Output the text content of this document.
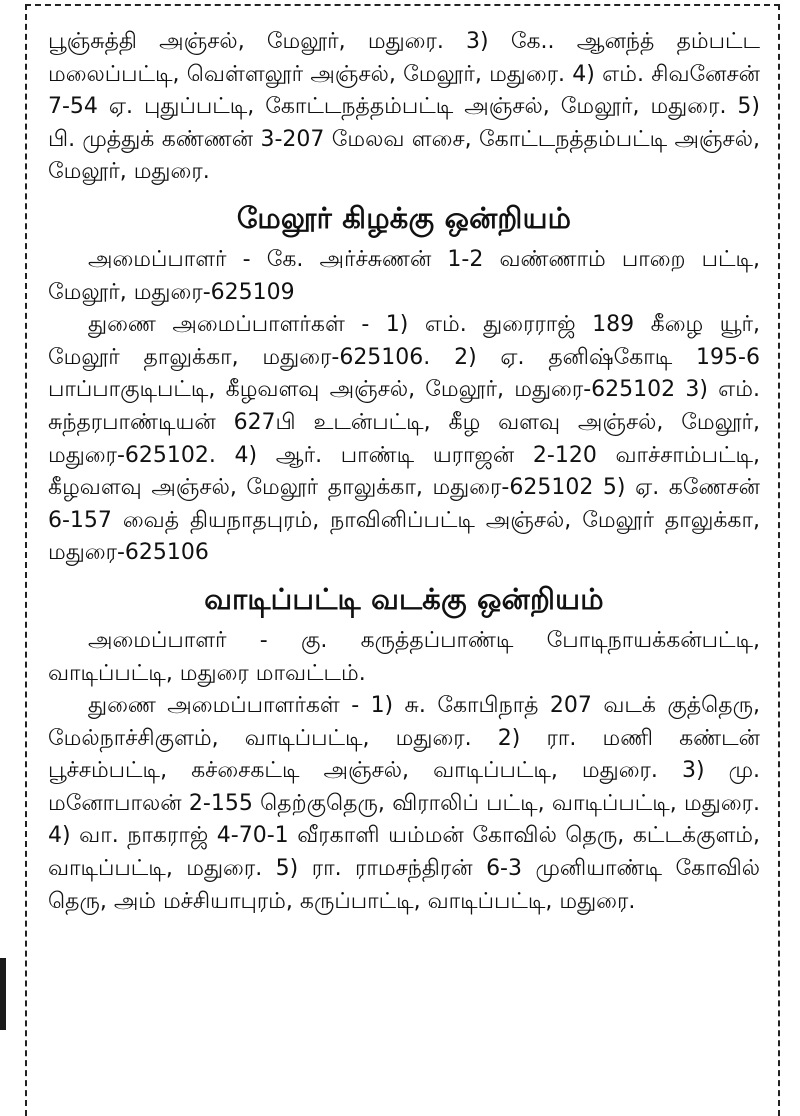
பூஞ்சுத்தி அஞ்சல், மேலூர், மதுரை. 3) கே.. ஆனந்த் தம்பட்ட மலைப்பட்டி, வெள்ளலூர் அஞ்சல், மேலூர், மதுரை. 4) எம். சிவனேசன் 7-54 ஏ. புதுப்பட்டி, கோட்டநத்தம்பட்டி அஞ்சல், மேலூர், மதுரை. 5) பி. முத்துக் கண்ணன் 3-207 மேலவ ளசை, கோட்டநத்தம்பட்டி அஞ்சல், மேலூர், மதுரை.

மேலூர் கிழக்கு ஒன்றியம்

அமைப்பாளர் - கே. அர்ச்சுணன் 1-2 வண்ணாம் பாறை பட்டி, மேலூர், மதுரை-625109

துணை அமைப்பாளர்கள் - 1) எம். துரைராஜ் 189 கீழை யூர், மேலூர் தாலுக்கா, மதுரை-625106. 2) ஏ. தனிஷ்கோடி 195-6 பாப்பாகுடிபட்டி, கீழவளவு அஞ்சல், மேலூர், மதுரை-625102 3) எம். சுந்தரபாண்டியன் 627பி உடன்பட்டி, கீழ வளவு அஞ்சல், மேலூர், மதுரை-625102. 4) ஆர். பாண்டி யராஜன் 2-120 வாச்சாம்பட்டி, கீழவளவு அஞ்சல், மேலூர் தாலுக்கா, மதுரை-625102 5) ஏ. கணேசன் 6-157 வைத் தியநாதபுரம், நாவினிப்பட்டி அஞ்சல், மேலூர் தாலுக்கா, மதுரை-625106

வாடிப்பட்டி வடக்கு ஒன்றியம்

அமைப்பாளர் - கு. கருத்தப்பாண்டி போடிநாயக்கன்பட்டி, வாடிப்பட்டி, மதுரை மாவட்டம்.

துணை அமைப்பாளர்கள் - 1) சு. கோபிநாத் 207 வடக் குத்தெரு, மேல்நாச்சிகுளம், வாடிப்பட்டி, மதுரை. 2) ரா. மணி கண்டன் பூச்சம்பட்டி, கச்சைகட்டி அஞ்சல், வாடிப்பட்டி, மதுரை. 3) மு. மனோபாலன் 2-155 தெற்குதெரு, விராலிப் பட்டி, வாடிப்பட்டி, மதுரை. 4) வா. நாகராஜ் 4-70-1 வீரகாளி யம்மன் கோவில் தெரு, கட்டக்குளம், வாடிப்பட்டி, மதுரை. 5) ரா. ராமசந்திரன் 6-3 முனியாண்டி கோவில் தெரு, அம் மச்சியாபுரம், கருப்பாட்டி, வாடிப்பட்டி, மதுரை.
